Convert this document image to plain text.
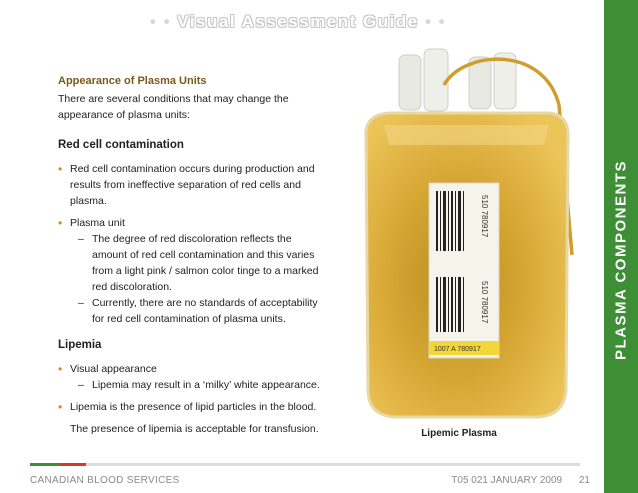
• • Visual Assessment Guide • •
PLASMA COMPONENTS
Appearance of Plasma Units
There are several conditions that may change the appearance of plasma units:
Red cell contamination
• Red cell contamination occurs during production and results from ineffective separation of red cells and plasma.
• Plasma unit
– The degree of red discoloration reflects the amount of red cell contamination and this varies from a light pink / salmon color tinge to a marked red discoloration.
– Currently, there are no standards of acceptability for red cell contamination of plasma units.
Lipemia
• Visual appearance
– Lipemia may result in a ‘milky’ white appearance.
• Lipemia is the presence of lipid particles in the blood.
The presence of lipemia is acceptable for transfusion.
510 780917
510 780917
1007 A 780917
Lipemic Plasma
CANADIAN BLOOD SERVICES	T05 021 JANUARY 2009 21
